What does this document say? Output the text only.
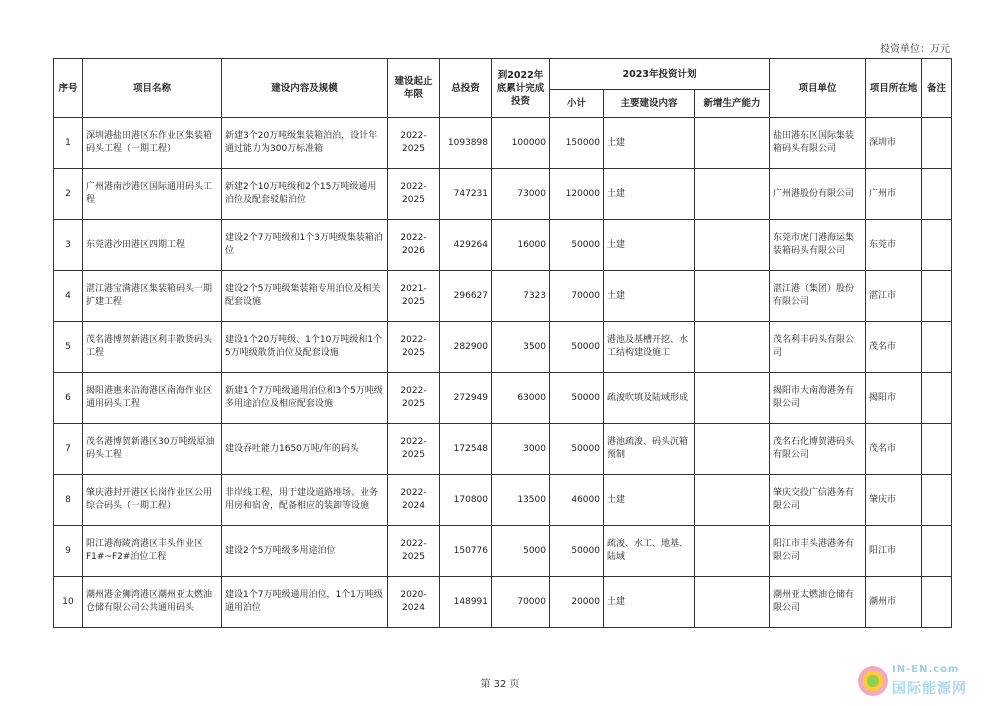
投资单位：万元
序号	项目名称	建设内容及规模	建设起止年限	总投资	到2022年底累计完成投资	2023年投资计划			项目单位	项目所在地	备注
						小计	主要建设内容	新增生产能力			
1	深圳港盐田港区东作业区集装箱码头工程（一期工程）	新建3个20万吨级集装箱泊泊，设计年通过能力为300万标准箱	2022-2025	1093898	100000	150000	土建		盐田港东区国际集装箱码头有限公司	深圳市	
2	广州港南沙港区国际通用码头工程	新建2个10万吨级和2个15万吨级通用泊位及配套驳船泊位	2022-2025	747231	73000	120000	土建		广州港股份有限公司	广州市	
3	东莞港沙田港区四期工程	建设2个7万吨级和1个3万吨级集装箱泊位	2022-2026	429264	16000	50000	土建		东莞市虎门港海运集装箱码头有限公司	东莞市	
4	湛江港宝满港区集装箱码头一期扩建工程	建设2个5万吨级集装箱专用泊位及相关配套设施	2021-2025	296627	7323	70000	土建		湛江港（集团）股份有限公司	湛江市	
5	茂名港博贺新港区利丰散货码头工程	建设1个20万吨级、1个10万吨级和1个5万吨级散货泊位及配套设施	2022-2025	282900	3500	50000	港池及基槽开挖、水工结构建设施工		茂名利丰码头有限公司	茂名市	
6	揭阳港惠来沿海港区南海作业区通用码头工程	新建1个7万吨级通用泊位和3个5万吨级多用途泊位及相应配套设施	2022-2025	272949	63000	50000	疏浚吹填及陆域形成		揭阳市大南海港务有限公司	揭阳市	
7	茂名港博贺新港区30万吨级原油码头工程	建设吞吐能力1650万吨/年的码头	2022-2025	172548	3000	50000	港池疏浚、码头沉箱预制		茂名石化博贺港码头有限公司	茂名市	
8	肇庆港封开港区长岗作业区公用综合码头（一期工程）	非岸线工程，用于建设道路堆场、业务用房和宿舍，配备相应的装卸等设施	2022-2024	170800	13500	46000	土建		肇庆交投广信港务有限公司	肇庆市	
9	阳江港海陵湾港区丰头作业区F1#~F2#泊位工程	建设2个5万吨级多用途泊位	2022-2025	150776	5000	50000	疏浚、水工、地基、陆域		阳江市丰头港港务有限公司	阳江市	
10	潮州港金狮湾港区潮州亚太燃油仓储有限公司公共通用码头	建设1个7万吨级通用泊位，1个1万吨级通用泊位	2020-2024	148991	70000	20000	土建		潮州亚太燃油仓储有限公司	潮州市	
第 32 页
IN-EN.com
国际能源网
